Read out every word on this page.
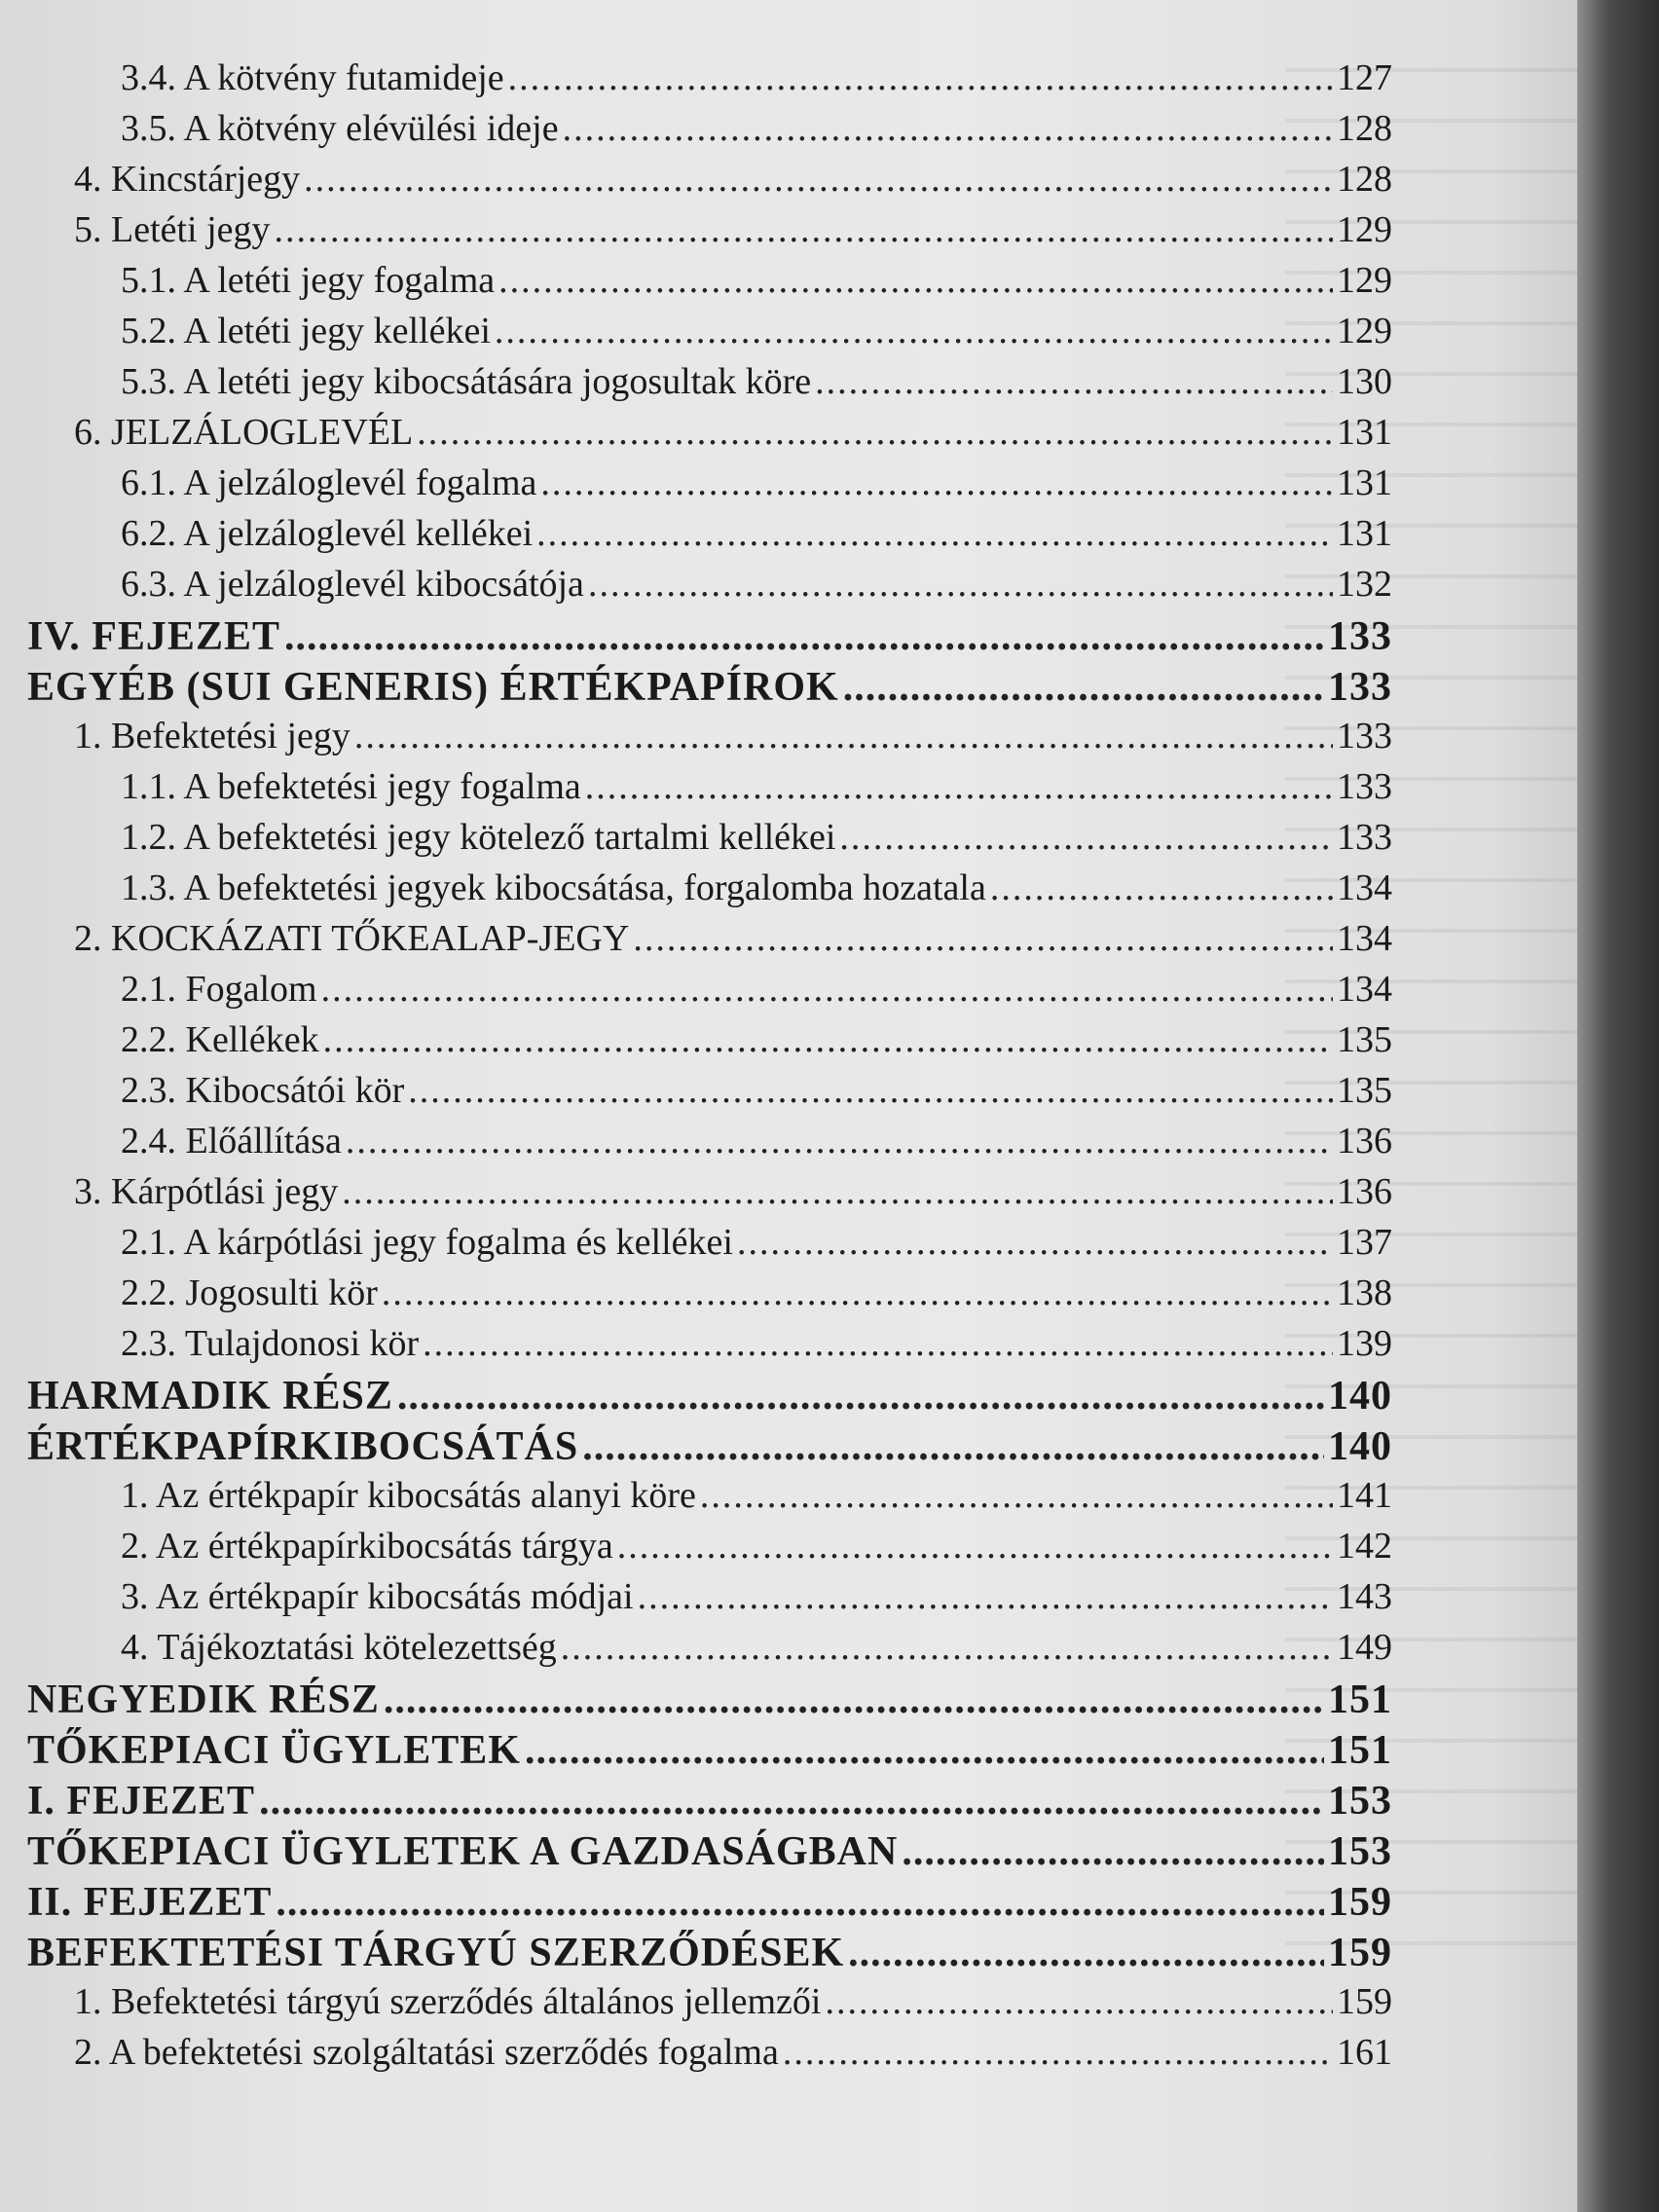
3.4. A kötvény futamideje .....	127
3.5. A kötvény elévülési ideje .....	128
4. Kincstárjegy .....	128
5. Letéti jegy .....	129
5.1. A letéti jegy fogalma .....	129
5.2. A letéti jegy kellékei .....	129
5.3. A letéti jegy kibocsátására jogosultak köre .....	130
6. JELZÁLOGLEVÉL .....	131
6.1. A jelzáloglevél fogalma .....	131
6.2. A jelzáloglevél kellékei .....	131
6.3. A jelzáloglevél kibocsátója .....	132
IV. FEJEZET .....	133
EGYÉB (SUI GENERIS) ÉRTÉKPAPÍROK .....	133
1. Befektetési jegy .....	133
1.1. A befektetési jegy fogalma .....	133
1.2. A befektetési jegy kötelező tartalmi kellékei .....	133
1.3. A befektetési jegyek kibocsátása, forgalomba hozatala .....	134
2. KOCKÁZATI TŐKEALAP-JEGY .....	134
2.1. Fogalom .....	134
2.2. Kellékek .....	135
2.3. Kibocsátói kör .....	135
2.4. Előállítása .....	136
3. Kárpótlási jegy .....	136
2.1. A kárpótlási jegy fogalma és kellékei .....	137
2.2. Jogosulti kör .....	138
2.3. Tulajdonosi kör .....	139
HARMADIK RÉSZ .....	140
ÉRTÉKPAPÍRKIBOCSÁTÁS .....	140
1. Az értékpapír kibocsátás alanyi köre .....	141
2. Az értékpapírkibocsátás tárgya .....	142
3. Az értékpapír kibocsátás módjai .....	143
4. Tájékoztatási kötelezettség .....	149
NEGYEDIK RÉSZ .....	151
TŐKEPIACI ÜGYLETEK .....	151
I. FEJEZET .....	153
TŐKEPIACI ÜGYLETEK A GAZDASÁGBAN .....	153
II. FEJEZET .....	159
BEFEKTETÉSI TÁRGYÚ SZERZŐDÉSEK .....	159
1. Befektetési tárgyú szerződés általános jellemzői .....	159
2. A befektetési szolgáltatási szerződés fogalma .....	161
